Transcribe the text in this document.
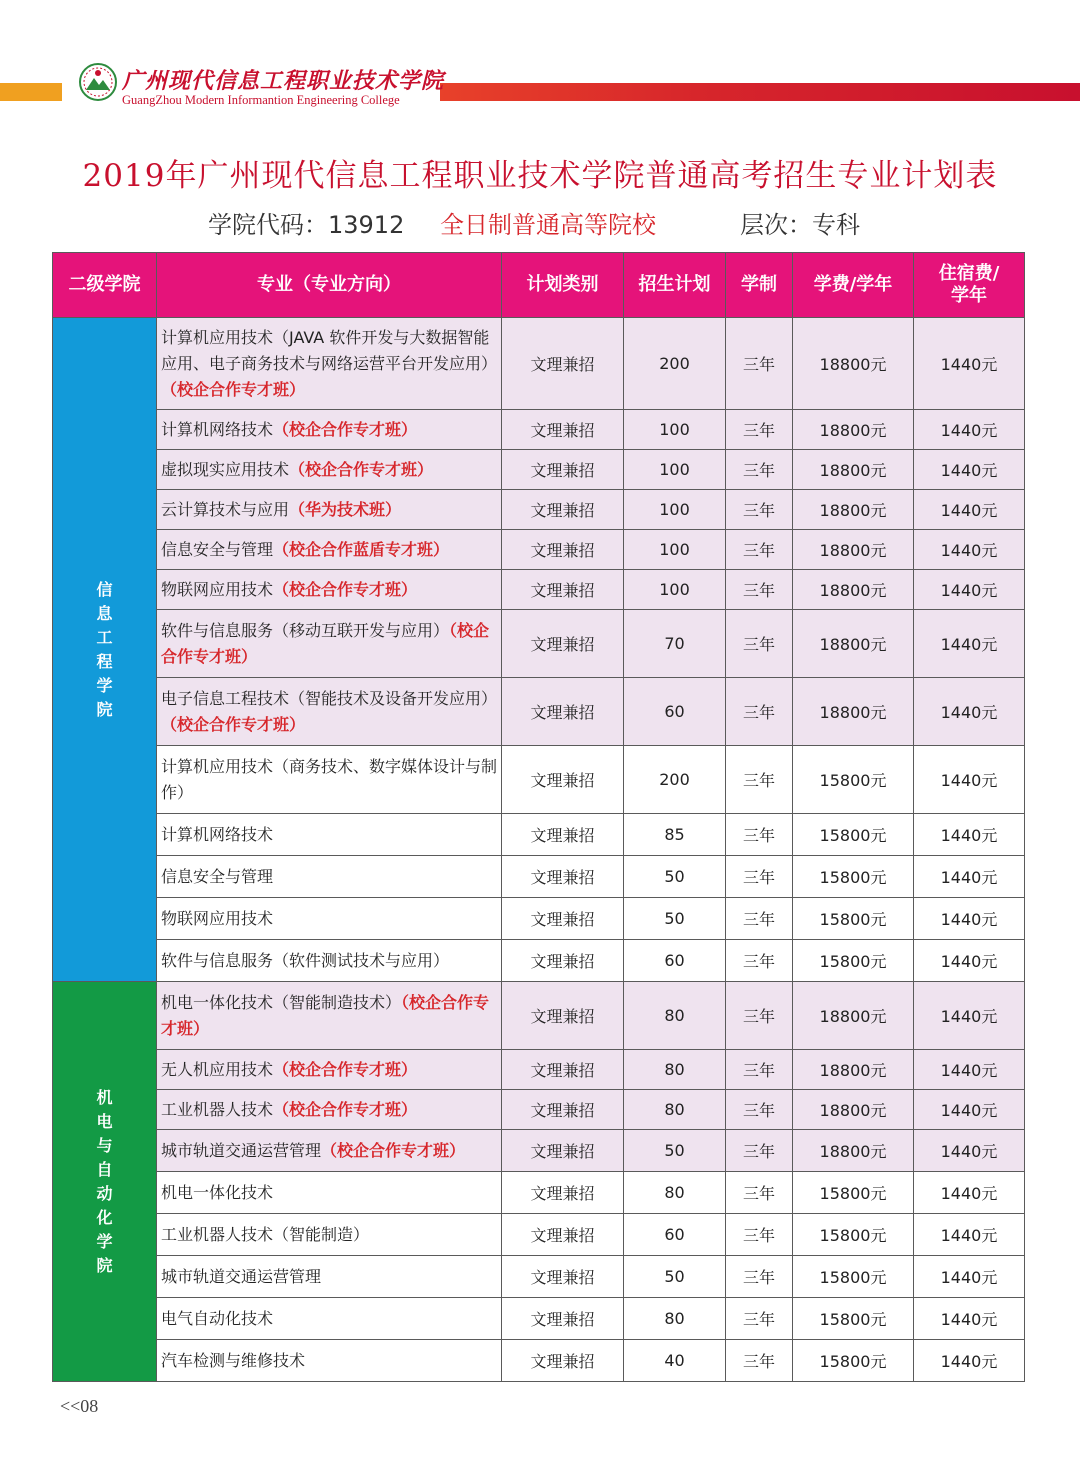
广州现代信息工程职业技术学院
GuangZhou Modern Informantion Engineering College
2019年广州现代信息工程职业技术学院普通高考招生专业计划表
学院代码：13912 全日制普通高等院校	层次：专科
二级学院	专业（专业方向）	计划类别	招生计划	学制	学费/学年	住宿费/学年
信息工程学院	计算机应用技术（JAVA 软件开发与大数据智能应用、电子商务技术与网络运营平台开发应用）（校企合作专才班）	文理兼招	200	三年	18800元	1440元
	计算机网络技术（校企合作专才班）	文理兼招	100	三年	18800元	1440元
	虚拟现实应用技术（校企合作专才班）	文理兼招	100	三年	18800元	1440元
	云计算技术与应用（华为技术班）	文理兼招	100	三年	18800元	1440元
	信息安全与管理（校企合作蓝盾专才班）	文理兼招	100	三年	18800元	1440元
	物联网应用技术（校企合作专才班）	文理兼招	100	三年	18800元	1440元
	软件与信息服务（移动互联开发与应用）（校企合作专才班）	文理兼招	70	三年	18800元	1440元
	电子信息工程技术（智能技术及设备开发应用）（校企合作专才班）	文理兼招	60	三年	18800元	1440元
	计算机应用技术（商务技术、数字媒体设计与制作）	文理兼招	200	三年	15800元	1440元
	计算机网络技术	文理兼招	85	三年	15800元	1440元
	信息安全与管理	文理兼招	50	三年	15800元	1440元
	物联网应用技术	文理兼招	50	三年	15800元	1440元
	软件与信息服务（软件测试技术与应用）	文理兼招	60	三年	15800元	1440元
机电与自动化学院	机电一体化技术（智能制造技术）（校企合作专才班）	文理兼招	80	三年	18800元	1440元
	无人机应用技术（校企合作专才班）	文理兼招	80	三年	18800元	1440元
	工业机器人技术（校企合作专才班）	文理兼招	80	三年	18800元	1440元
	城市轨道交通运营管理（校企合作专才班）	文理兼招	50	三年	18800元	1440元
	机电一体化技术	文理兼招	80	三年	15800元	1440元
	工业机器人技术（智能制造）	文理兼招	60	三年	15800元	1440元
	城市轨道交通运营管理	文理兼招	50	三年	15800元	1440元
	电气自动化技术	文理兼招	80	三年	15800元	1440元
	汽车检测与维修技术	文理兼招	40	三年	15800元	1440元
<<08
